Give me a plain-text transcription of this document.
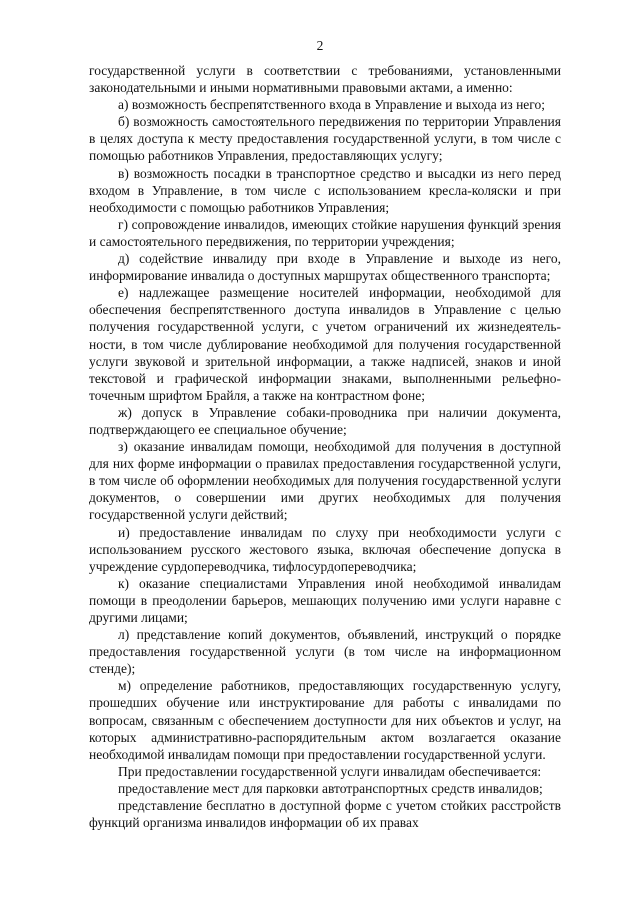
2

государственной услуги в соответствии с требованиями, установленными законодательными и иными нормативными правовыми актами, а именно:

а) возможность беспрепятственного входа в Управление и выхода из него;

б) возможность самостоятельного передвижения по территории Управления в целях доступа к месту предоставления государственной услуги, в том числе с помощью работников Управления, предоставляющих услугу;

в) возможность посадки в транспортное средство и высадки из него перед входом в Управление, в том числе с использованием кресла-коляски и при необходимости с помощью работников Управления;

г) сопровождение инвалидов, имеющих стойкие нарушения функций зрения и самостоятельного передвижения, по территории учреждения;

д) содействие инвалиду при входе в Управление и выходе из него, информирование инвалида о доступных маршрутах общественного транспорта;

е) надлежащее размещение носителей информации, необходимой для обеспечения беспрепятственного доступа инвалидов в Управление с целью получения государственной услуги, с учетом ограничений их жизнедеятельности, в том числе дублирование необходимой для получения государственной услуги звуковой и зрительной информации, а также надписей, знаков и иной текстовой и графической информации знаками, выполненными рельефноточечным шрифтом Брайля, а также на контрастном фоне;

ж) допуск в Управление собаки-проводника при наличии документа, подтверждающего ее специальное обучение;

з) оказание инвалидам помощи, необходимой для получения в доступной для них форме информации о правилах предоставления государственной услуги, в том числе об оформлении необходимых для получения государственной услуги документов, о совершении ими других необходимых для получения государственной услуги действий;

и) предоставление инвалидам по слуху при необходимости услуги с использованием русского жестового языка, включая обеспечение допуска в учреждение сурдопереводчика, тифлосурдопереводчика;

к) оказание специалистами Управления иной необходимой инвалидам помощи в преодолении барьеров, мешающих получению ими услуги наравне с другими лицами;

л) представление копий документов, объявлений, инструкций о порядке предоставления государственной услуги (в том числе на информационном стенде);

м) определение работников, предоставляющих государственную услугу, прошедших обучение или инструктирование для работы с инвалидами по вопросам, связанным с обеспечением доступности для них объектов и услуг, на которых административно-распорядительным актом возлагается оказание необходимой инвалидам помощи при предоставлении государственной услуги.

При предоставлении государственной услуги инвалидам обеспечивается:

предоставление мест для парковки автотранспортных средств инвалидов;

представление бесплатно в доступной форме с учетом стойких расстройств функций организма инвалидов информации об их правах
